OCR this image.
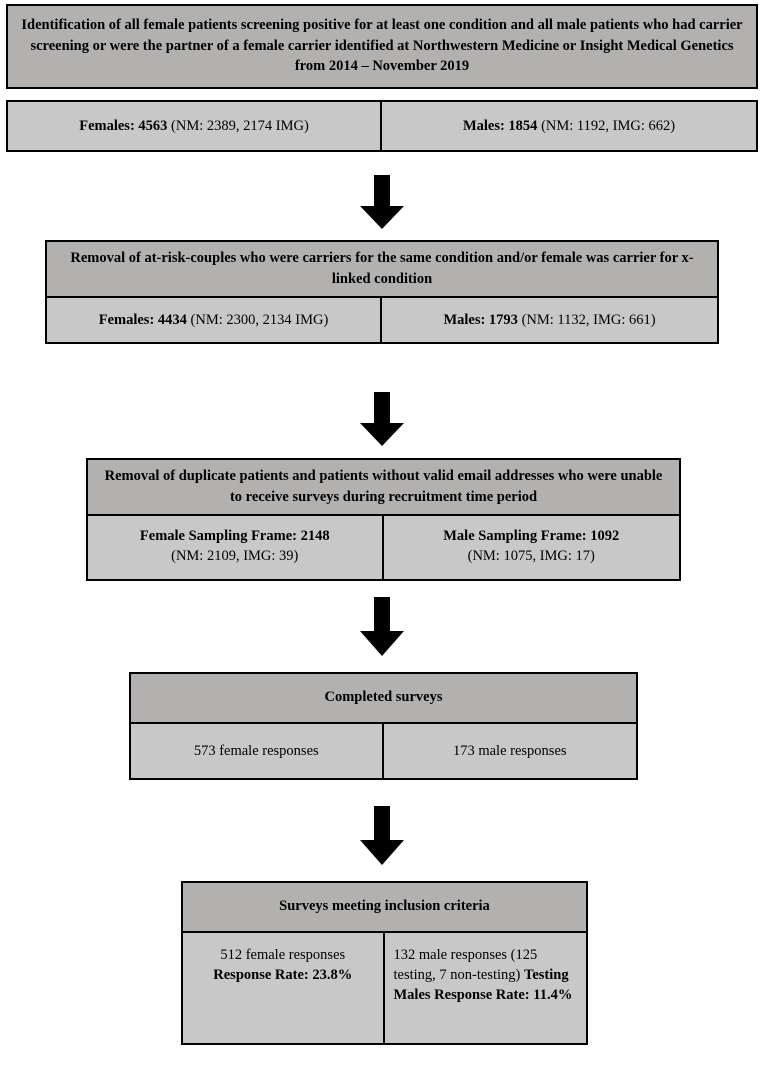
Identification of all female patients screening positive for at least one condition and all male patients who had carrier screening or were the partner of a female carrier identified at Northwestern Medicine or Insight Medical Genetics from 2014 – November 2019
Females: 4563 (NM: 2389, 2174 IMG)	Males: 1854 (NM: 1192, IMG: 662)
Removal of at-risk-couples who were carriers for the same condition and/or female was carrier for x-linked condition
Females: 4434 (NM: 2300, 2134 IMG)	Males: 1793 (NM: 1132, IMG: 661)
Removal of duplicate patients and patients without valid email addresses who were unable to receive surveys during recruitment time period
Female Sampling Frame: 2148
(NM: 2109, IMG: 39)
Male Sampling Frame: 1092
(NM: 1075, IMG: 17)
Completed surveys
573 female responses	173 male responses
Surveys meeting inclusion criteria
512 female responses
Response Rate: 23.8%
132 male responses (125 testing, 7 non-testing) Testing Males Response Rate: 11.4%
